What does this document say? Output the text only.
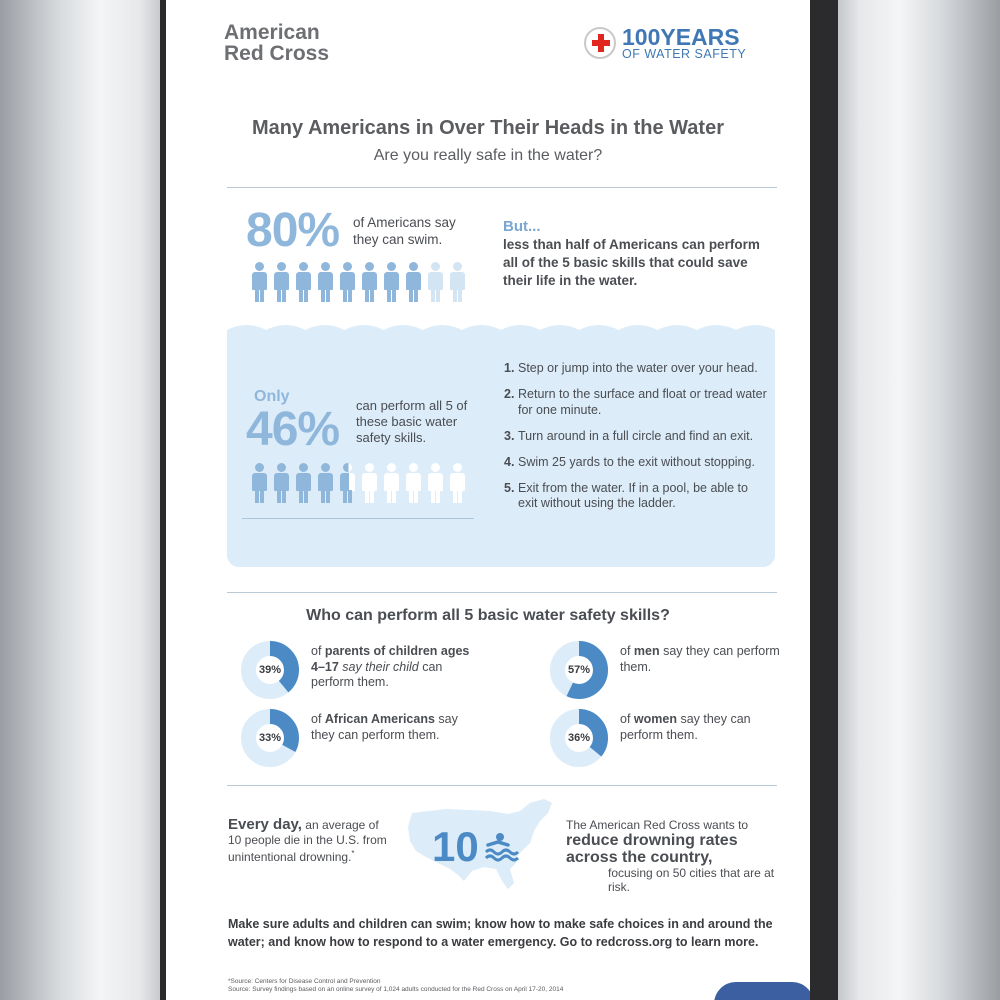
American
Red Cross
100YEARS
OF WATER SAFETY
Many Americans in Over Their Heads in the Water
Are you really safe in the water?
80% of Americans say they can swim.
But...
less than half of Americans can perform all of the 5 basic skills that could save their life in the water.
Only
46% can perform all 5 of these basic water safety skills.
1. Step or jump into the water over your head.
2. Return to the surface and float or tread water for one minute.
3. Turn around in a full circle and find an exit.
4. Swim 25 yards to the exit without stopping.
5. Exit from the water. If in a pool, be able to exit without using the ladder.
Who can perform all 5 basic water safety skills?
39%
of parents of children ages 4–17 say their child can perform them.
57%
of men say they can perform them.
33%
of African Americans say they can perform them.	36%
of women say they can perform them.
Every day, an average of 10 people die in the U.S. from unintentional drowning.*	10	The American Red Cross wants to
reduce drowning rates across the country,
focusing on 50 cities that are at risk.
Make sure adults and children can swim; know how to make safe choices in and around the water; and know how to respond to a water emergency. Go to redcross.org to learn more.
*Source: Centers for Disease Control and Prevention
Source: Survey findings based on an online survey of 1,024 adults conducted for the Red Cross on April 17-20, 2014
